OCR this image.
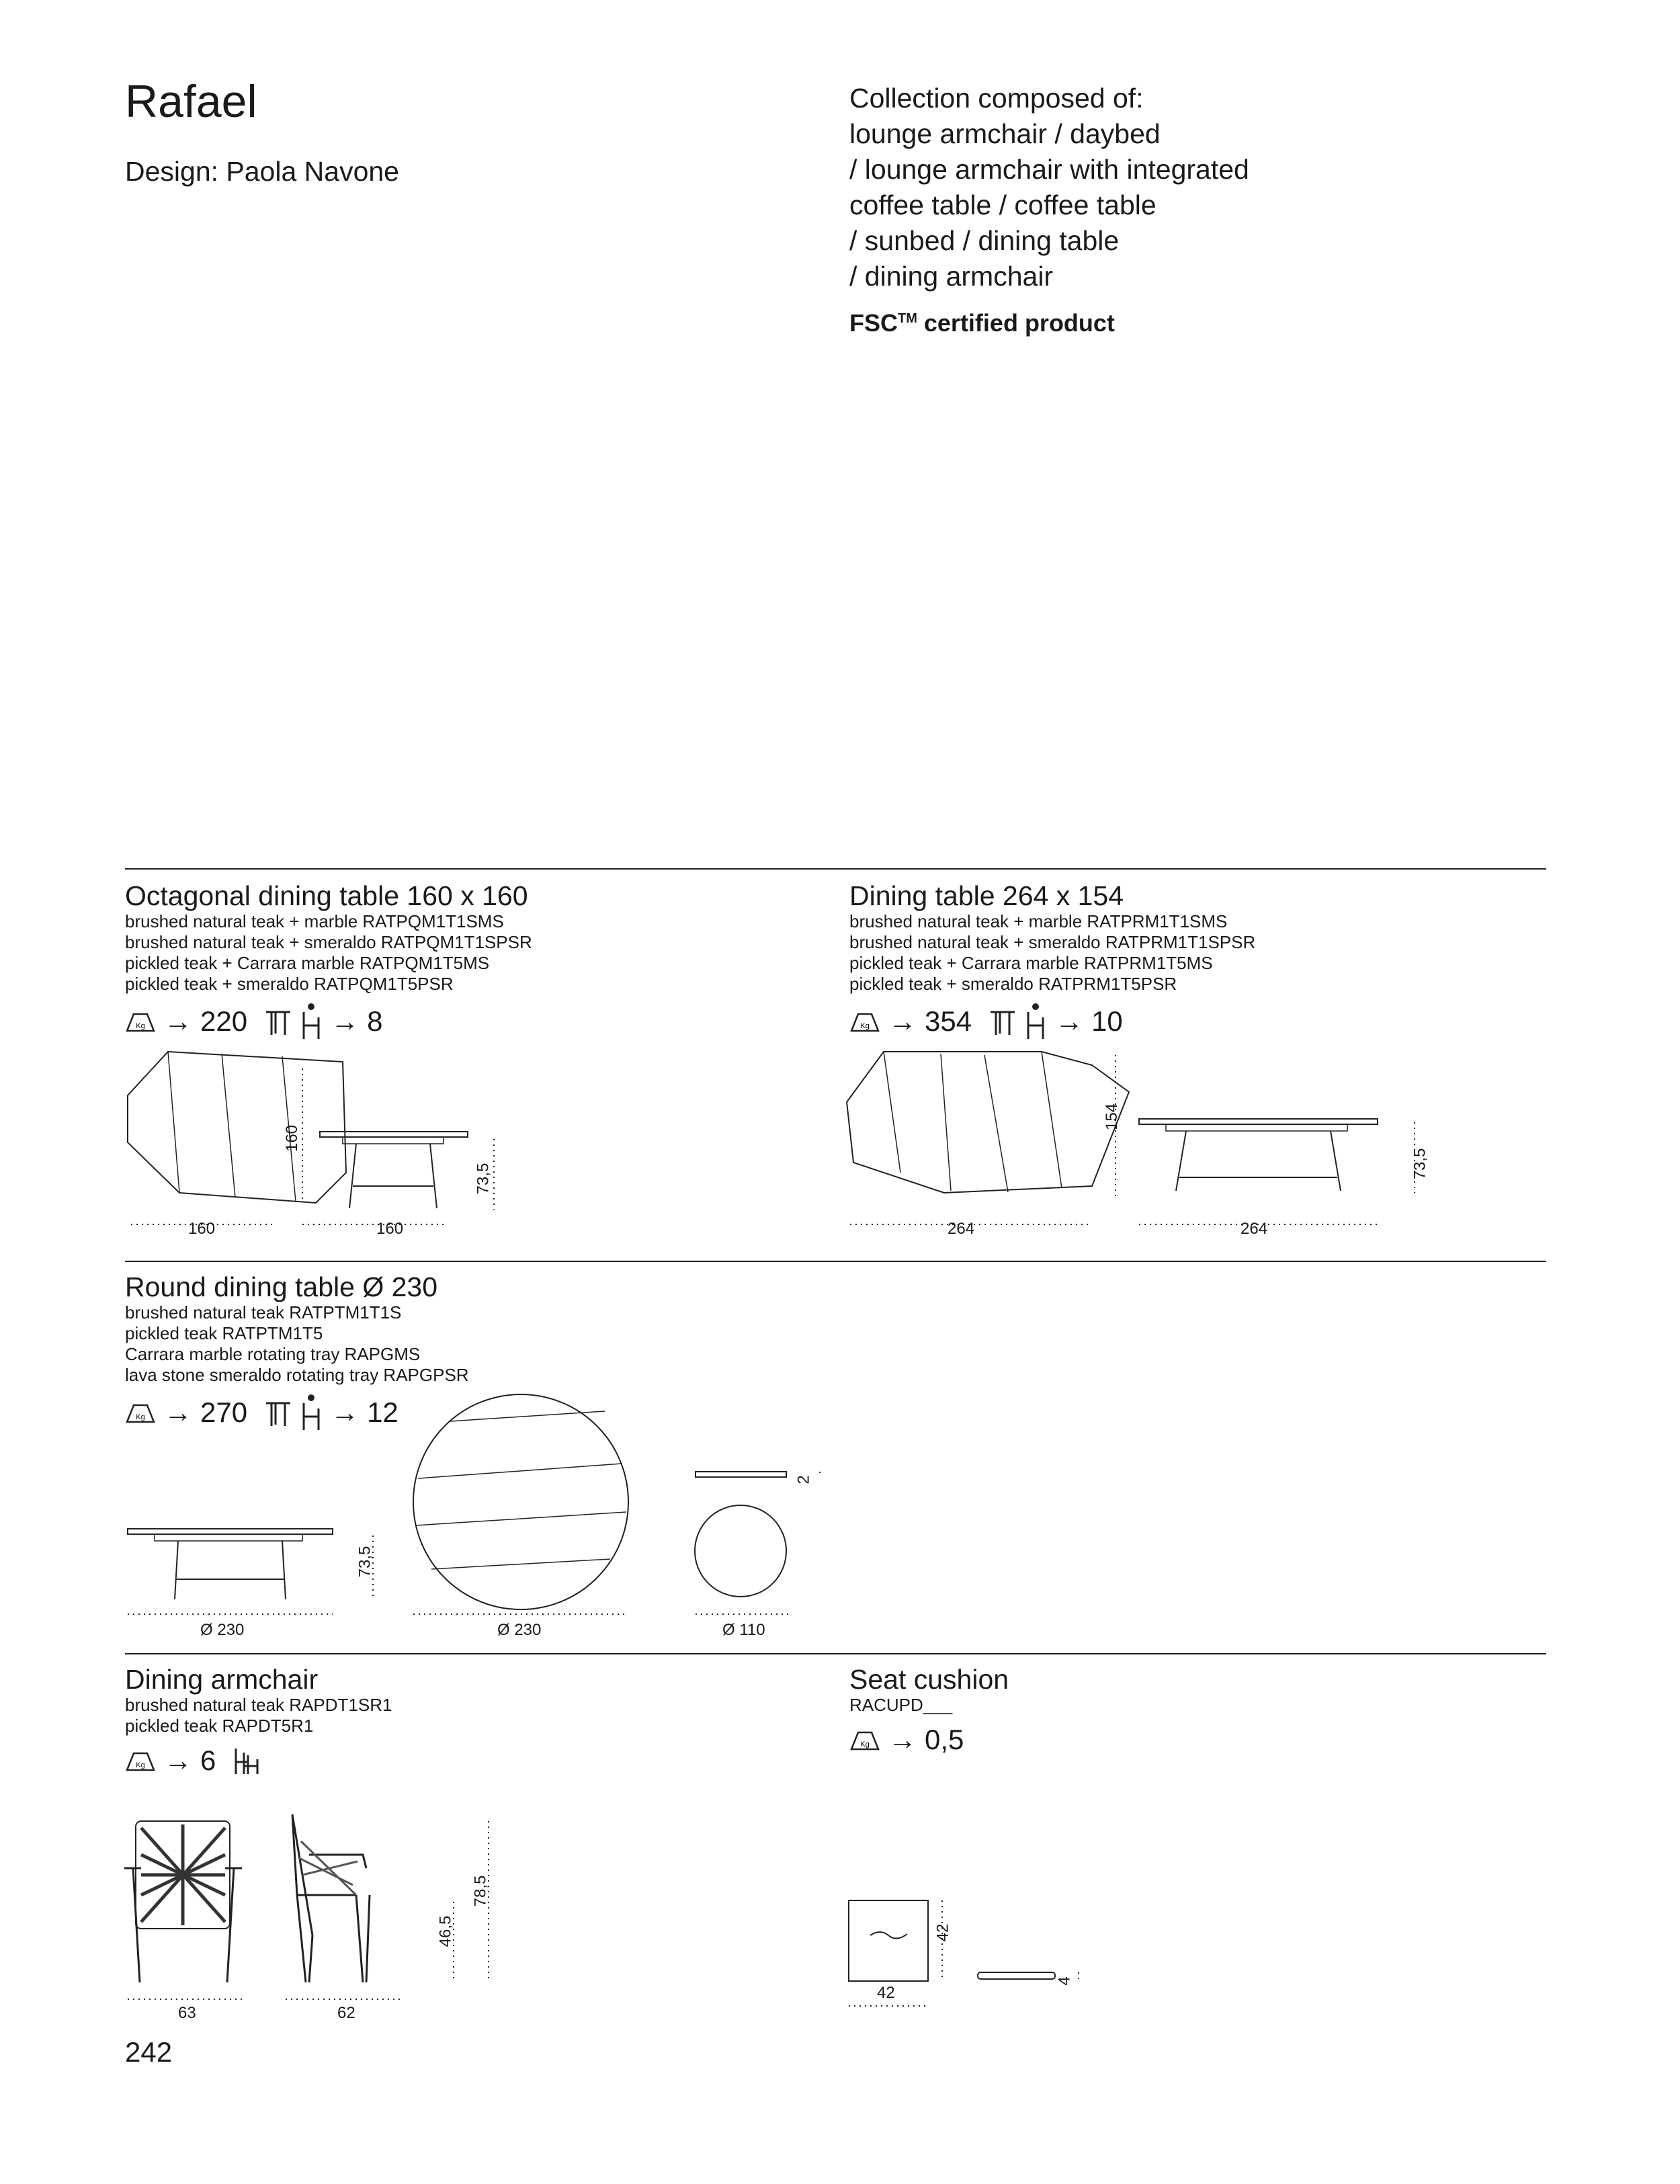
Rafael
Design: Paola Navone
Collection composed of:
lounge armchair / daybed
/ lounge armchair with integrated
coffee table / coffee table
/ sunbed / dining table
/ dining armchair
FSC™ certified product
Octagonal dining table 160 x 160
brushed natural teak + marble RATPQM1T1SMS
brushed natural teak + smeraldo RATPQM1T1SPSR
pickled teak + Carrara marble RATPQM1T5MS
pickled teak + smeraldo RATPQM1T5PSR
Kg → 220	→ 8
160	160
160
73,5
Dining table 264 x 154
brushed natural teak + marble RATPRM1T1SMS
brushed natural teak + smeraldo RATPRM1T1SPSR
pickled teak + Carrara marble RATPRM1T5MS
pickled teak + smeraldo RATPRM1T5PSR
Kg → 354	→ 10
264	264
154
73,5
Round dining table Ø 230
brushed natural teak RATPTM1T1S
pickled teak RATPTM1T5
Carrara marble rotating tray RAPGMS
lava stone smeraldo rotating tray RAPGPSR
Kg → 270	→ 12
Ø 230	Ø 230	Ø 110
73,5
2
Dining armchair
brushed natural teak RAPDT1SR1
pickled teak RAPDT5R1
Kg → 6
63	62
46,5
78,5
Seat cushion
RACUPD___
Kg → 0,5
42
42
4
242
